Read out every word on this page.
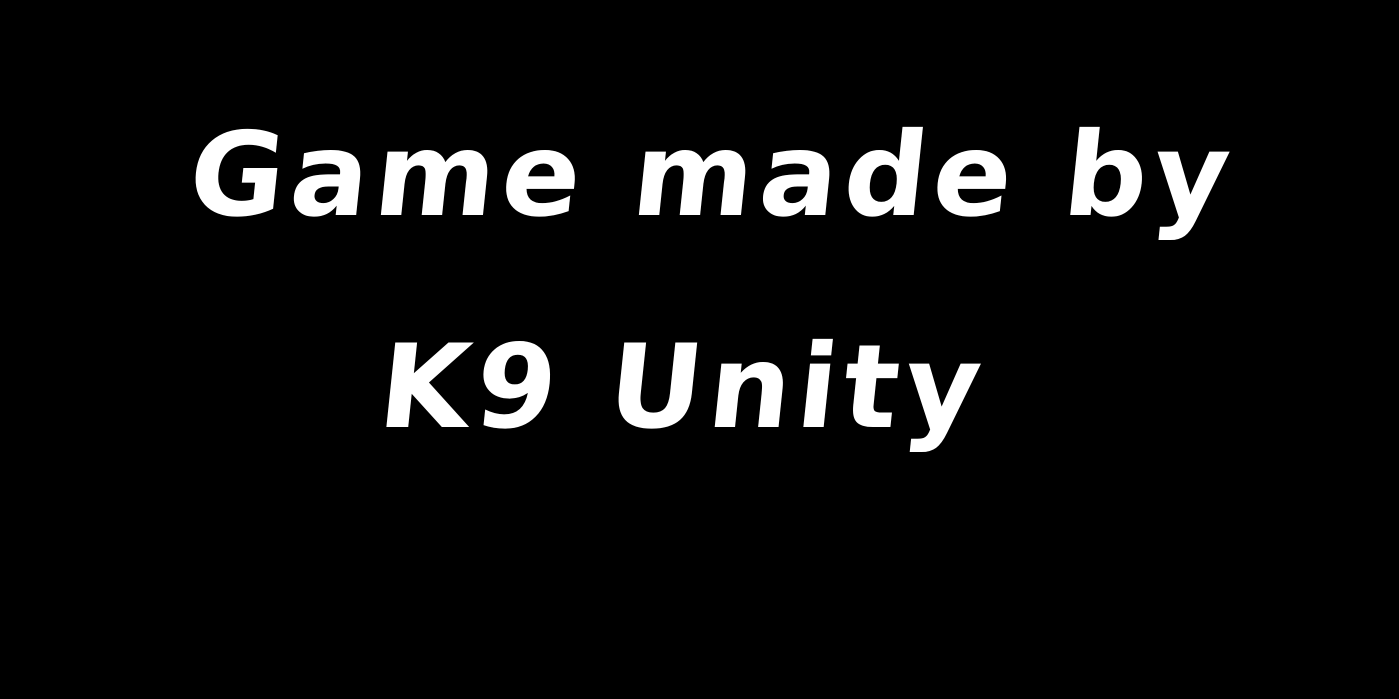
Game made by
K9 Unity
